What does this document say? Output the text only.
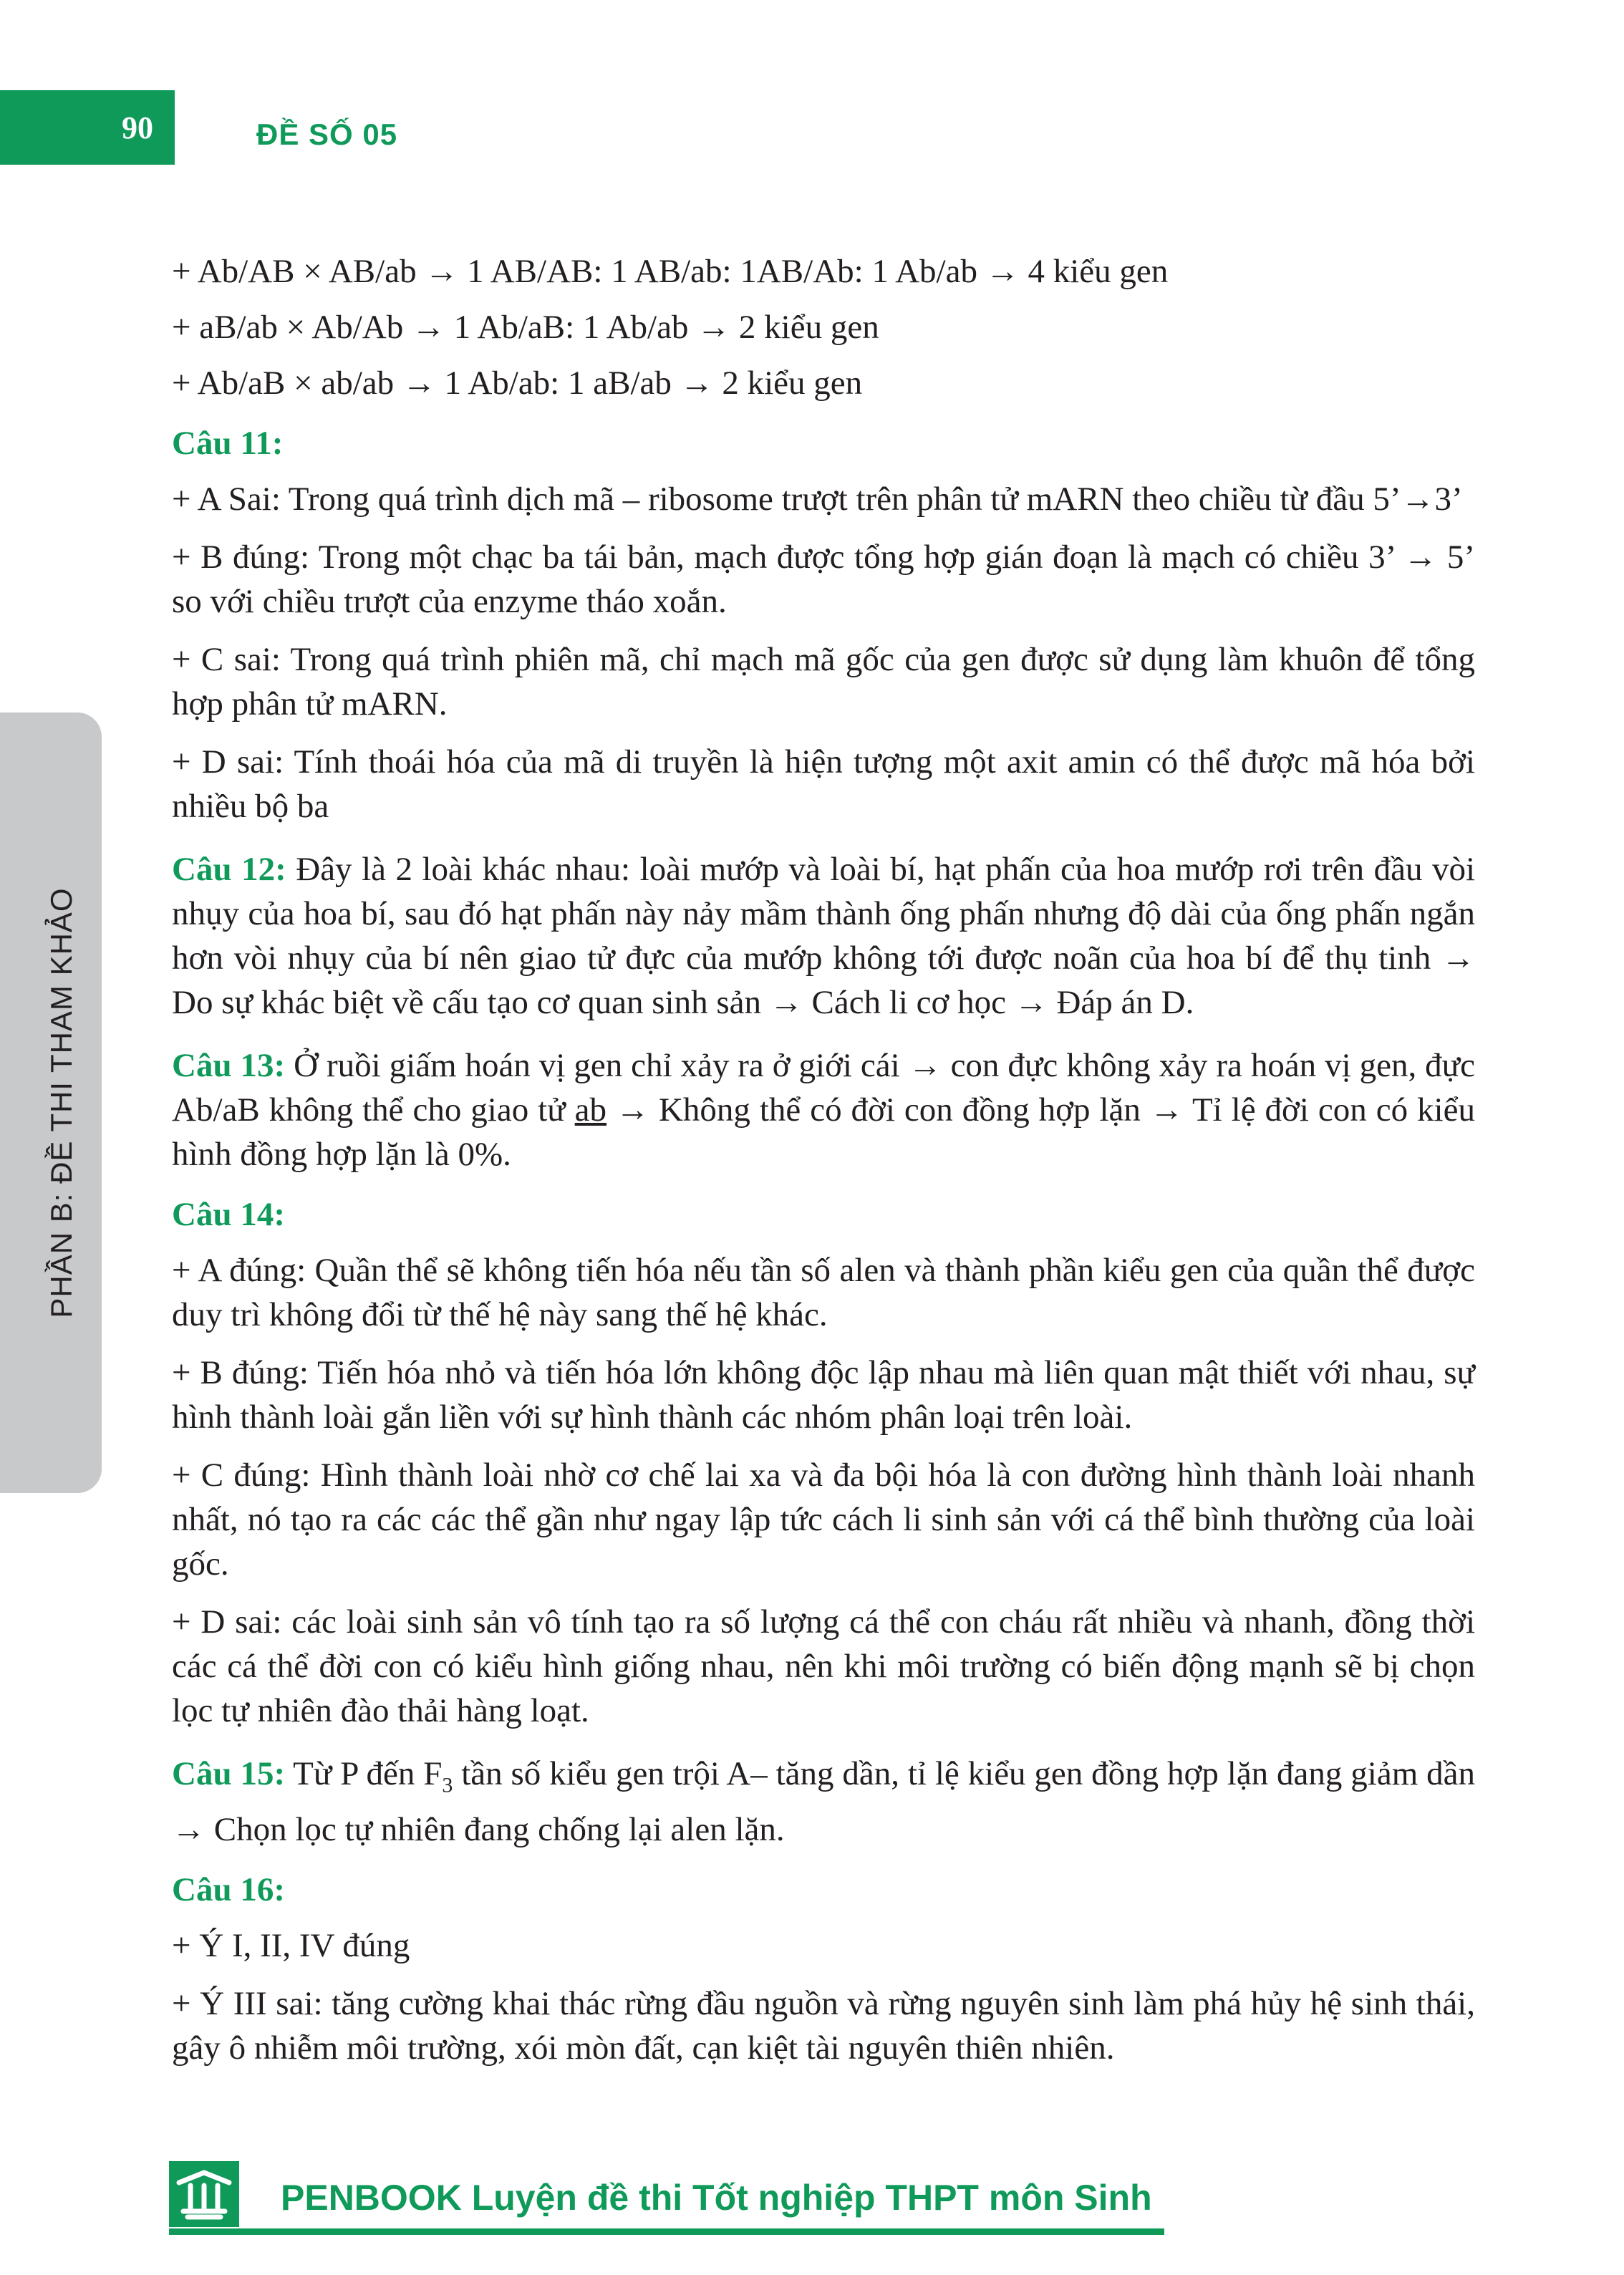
90	ĐỀ SỐ 05
PHẦN B: ĐỀ THI THAM KHẢO

+ Ab/AB × AB/ab → 1 AB/AB: 1 AB/ab: 1AB/Ab: 1 Ab/ab → 4 kiểu gen

+ aB/ab × Ab/Ab → 1 Ab/aB: 1 Ab/ab → 2 kiểu gen

+ Ab/aB × ab/ab → 1 Ab/ab: 1 aB/ab → 2 kiểu gen

Câu 11:

+ A Sai: Trong quá trình dịch mã – ribosome trượt trên phân tử mARN theo chiều từ đầu 5’→3’

+ B đúng: Trong một chạc ba tái bản, mạch được tổng hợp gián đoạn là mạch có chiều 3’ → 5’ so với chiều trượt của enzyme tháo xoắn.

+ C sai: Trong quá trình phiên mã, chỉ mạch mã gốc của gen được sử dụng làm khuôn để tổng hợp phân tử mARN.

+ D sai: Tính thoái hóa của mã di truyền là hiện tượng một axit amin có thể được mã hóa bởi nhiều bộ ba

Câu 12: Đây là 2 loài khác nhau: loài mướp và loài bí, hạt phấn của hoa mướp rơi trên đầu vòi nhụy của hoa bí, sau đó hạt phấn này nảy mầm thành ống phấn nhưng độ dài của ống phấn ngắn hơn vòi nhụy của bí nên giao tử đực của mướp không tới được noãn của hoa bí để thụ tinh → Do sự khác biệt về cấu tạo cơ quan sinh sản → Cách li cơ học → Đáp án D.

Câu 13: Ở ruồi giấm hoán vị gen chỉ xảy ra ở giới cái → con đực không xảy ra hoán vị gen, đực Ab/aB không thể cho giao tử ab → Không thể có đời con đồng hợp lặn → Tỉ lệ đời con có kiểu hình đồng hợp lặn là 0%.

Câu 14:

+ A đúng: Quần thể sẽ không tiến hóa nếu tần số alen và thành phần kiểu gen của quần thể được duy trì không đổi từ thế hệ này sang thế hệ khác.

+ B đúng: Tiến hóa nhỏ và tiến hóa lớn không độc lập nhau mà liên quan mật thiết với nhau, sự hình thành loài gắn liền với sự hình thành các nhóm phân loại trên loài.

+ C đúng: Hình thành loài nhờ cơ chế lai xa và đa bội hóa là con đường hình thành loài nhanh nhất, nó tạo ra các các thể gần như ngay lập tức cách li sinh sản với cá thể bình thường của loài gốc.

+ D sai: các loài sinh sản vô tính tạo ra số lượng cá thể con cháu rất nhiều và nhanh, đồng thời các cá thể đời con có kiểu hình giống nhau, nên khi môi trường có biến động mạnh sẽ bị chọn lọc tự nhiên đào thải hàng loạt.

Câu 15: Từ P đến $F_3$ tần số kiểu gen trội A– tăng dần, tỉ lệ kiểu gen đồng hợp lặn đang giảm dần → Chọn lọc tự nhiên đang chống lại alen lặn.

Câu 16:

+ Ý I, II, IV đúng

+ Ý III sai: tăng cường khai thác rừng đầu nguồn và rừng nguyên sinh làm phá hủy hệ sinh thái, gây ô nhiễm môi trường, xói mòn đất, cạn kiệt tài nguyên thiên nhiên.

PENBOOK Luyện đề thi Tốt nghiệp THPT môn Sinh
